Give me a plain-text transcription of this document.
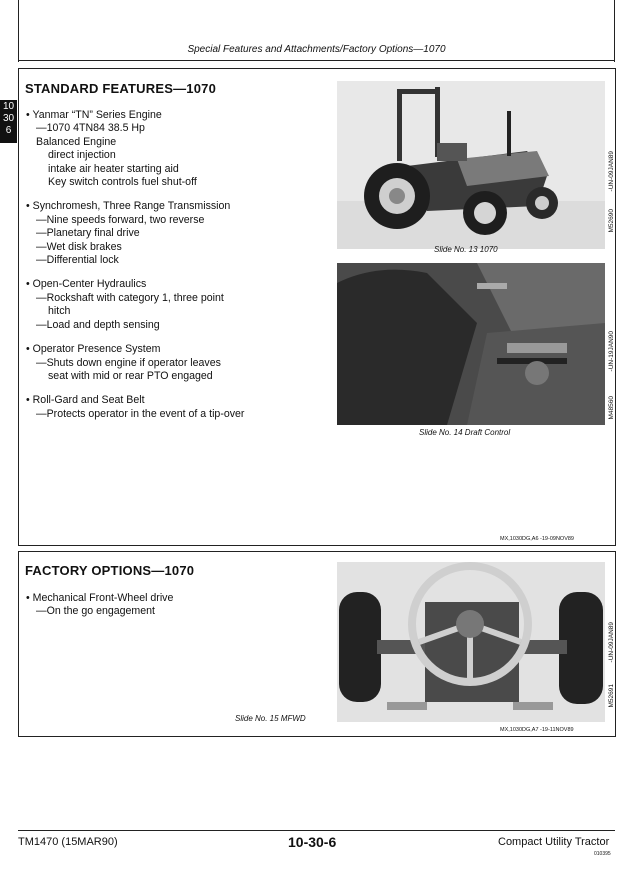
Special Features and Attachments/Factory Options—1070
10
30
6
STANDARD FEATURES—1070
• Yanmar “TN” Series Engine
—1070 4TN84 38.5 Hp
Balanced Engine
direct injection
intake air heater starting aid
Key switch controls fuel shut-off
• Synchromesh, Three Range Transmission
—Nine speeds forward, two reverse
—Planetary final drive
—Wet disk brakes
—Differential lock
• Open-Center Hydraulics
—Rockshaft with category 1, three point
hitch
—Load and depth sensing
• Operator Presence System
—Shuts down engine if operator leaves
seat with mid or rear PTO engaged
• Roll-Gard and Seat Belt
—Protects operator in the event of a tip-over
Slide No. 13 1070
M52690
-UN-09JAN89
Slide No. 14 Draft Control
M48560
-UN-19JAN90
MX,1030DG,A6 -19-09NOV89
FACTORY OPTIONS—1070
• Mechanical Front-Wheel drive
—On the go engagement
Slide No. 15 MFWD
M52691
-UN-09JAN89
MX,1030DG,A7 -19-11NOV89
TM1470 (15MAR90)	10-30-6	Compact Utility Tractor
010395
